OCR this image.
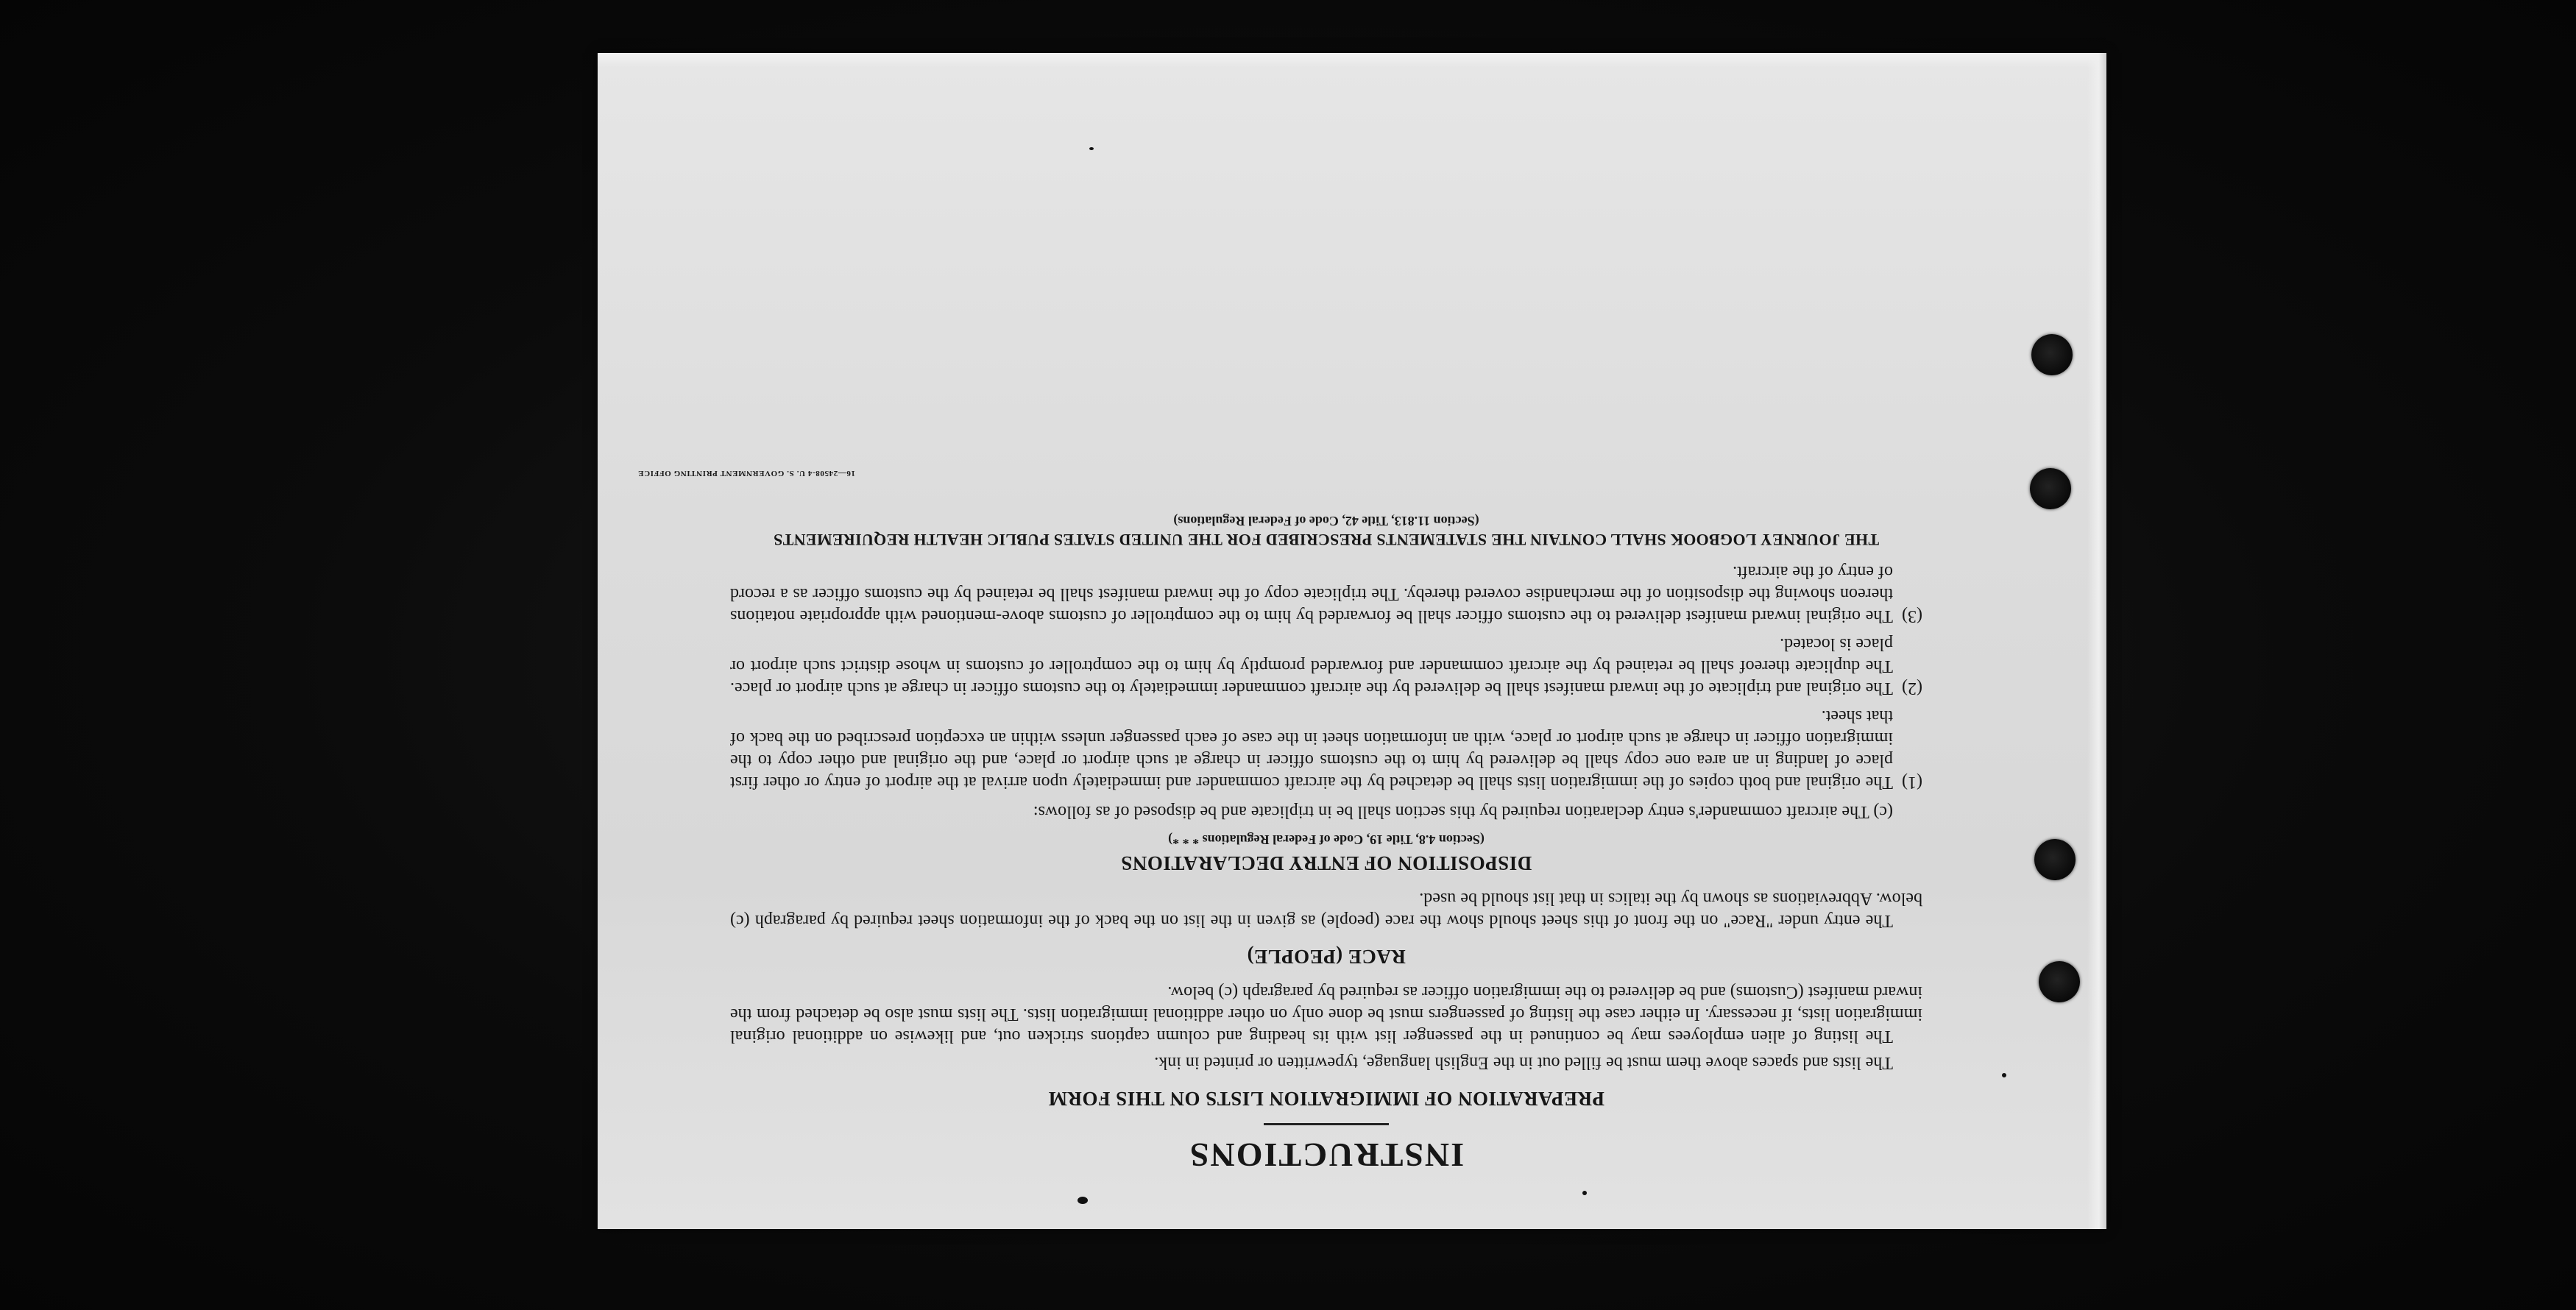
INSTRUCTIONS
PREPARATION OF IMMIGRATION LISTS ON THIS FORM

The lists and spaces above them must be filled out in the English language, typewritten or printed in ink.

The listing of alien employees may be continued in the passenger list with its heading and column captions stricken out, and likewise on additional original immigration lists, if necessary. In either case the listing of passengers must be done only on other additional immigration lists. The lists must also be detached from the inward manifest (Customs) and be delivered to the immigration officer as required by paragraph (c) below.

RACE (PEOPLE)

The entry under "Race" on the front of this sheet should show the race (people) as given in the list on the back of the information sheet required by paragraph (c) below. Abbreviations as shown by the italics in that list should be used.

DISPOSITION OF ENTRY DECLARATIONS
(Section 4.8, Title 19, Code of Federal Regulations * * *)

(c) The aircraft commander's entry declaration required by this section shall be in triplicate and be disposed of as follows:

(1)The original and both copies of the immigration lists shall be detached by the aircraft commander and immediately upon arrival at the airport of entry or other first place of landing in an area one copy shall be delivered by him to the customs officer in charge at such airport or place, and the original and other copy to the immigration officer in charge at such airport or place, with an information sheet in the case of each passenger unless within an exception prescribed on the back of that sheet.

(2)The original and triplicate of the inward manifest shall be delivered by the aircraft commander immediately to the customs officer in charge at such airport or place. The duplicate thereof shall be retained by the aircraft commander and forwarded promptly by him to the comptroller of customs in whose district such airport or place is located.

(3)The original inward manifest delivered to the customs officer shall be forwarded by him to the comptroller of customs above-mentioned with appropriate notations thereon showing the disposition of the merchandise covered thereby. The triplicate copy of the inward manifest shall be retained by the customs officer as a record of entry of the aircraft.

THE JOURNEY LOGBOOK SHALL CONTAIN THE STATEMENTS PRESCRIBED FOR THE UNITED STATES PUBLIC HEALTH REQUIREMENTS
(Section 11.813, Title 42, Code of Federal Regulations)
16—24508-4 U. S. GOVERNMENT PRINTING OFFICE
